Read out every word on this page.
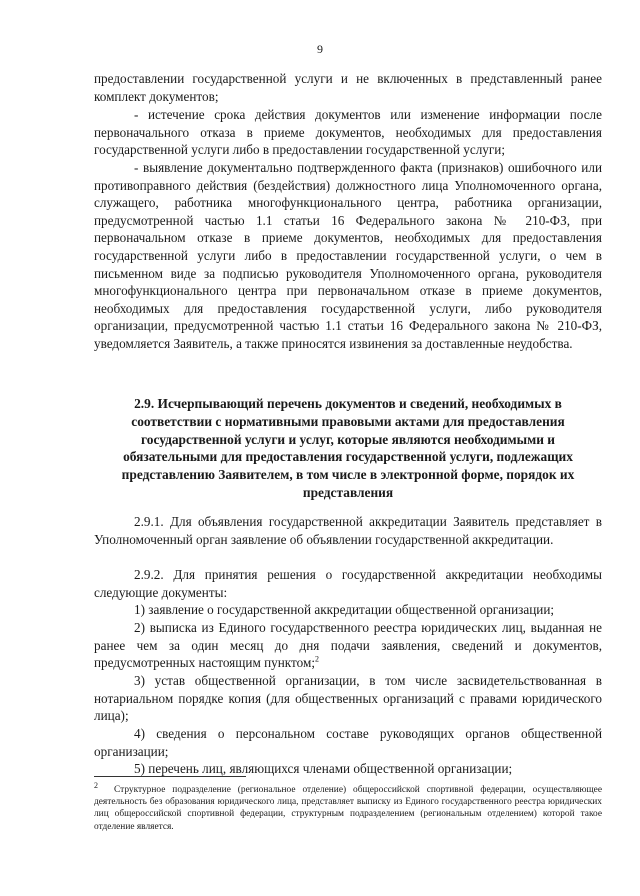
9

предоставлении государственной услуги и не включенных в представленный ранее комплект документов;

- истечение срока действия документов или изменение информации после первоначального отказа в приеме документов, необходимых для предоставления государственной услуги либо в предоставлении государственной услуги;

- выявление документально подтвержденного факта (признаков) ошибочного или противоправного действия (бездействия) должностного лица Уполномоченного органа, служащего, работника многофункционального центра, работника организации, предусмотренной частью 1.1 статьи 16 Федерального закона № 210-ФЗ, при первоначальном отказе в приеме документов, необходимых для предоставления государственной услуги либо в предоставлении государственной услуги, о чем в письменном виде за подписью руководителя Уполномоченного органа, руководителя многофункционального центра при первоначальном отказе в приеме документов, необходимых для предоставления государственной услуги, либо руководителя организации, предусмотренной частью 1.1 статьи 16 Федерального закона № 210-ФЗ, уведомляется Заявитель, а также приносятся извинения за доставленные неудобства.

2.9. Исчерпывающий перечень документов и сведений, необходимых в соответствии с нормативными правовыми актами для предоставления государственной услуги и услуг, которые являются необходимыми и обязательными для предоставления государственной услуги, подлежащих представлению Заявителем, в том числе в электронной форме, порядок их представления

2.9.1. Для объявления государственной аккредитации Заявитель представляет в Уполномоченный орган заявление об объявлении государственной аккредитации.

2.9.2. Для принятия решения о государственной аккредитации необходимы следующие документы:

1) заявление о государственной аккредитации общественной организации;

2) выписка из Единого государственного реестра юридических лиц, выданная не ранее чем за один месяц до дня подачи заявления, сведений и документов, предусмотренных настоящим пунктом;$^2$

3) устав общественной организации, в том числе засвидетельствованная в нотариальном порядке копия (для общественных организаций с правами юридического лица);

4) сведения о персональном составе руководящих органов общественной организации;

5) перечень лиц, являющихся членами общественной организации;

$^2$ Структурное подразделение (региональное отделение) общероссийской спортивной федерации, осуществляющее деятельность без образования юридического лица, представляет выписку из Единого государственного реестра юридических лиц общероссийской спортивной федерации, структурным подразделением (региональным отделением) которой такое отделение является.
